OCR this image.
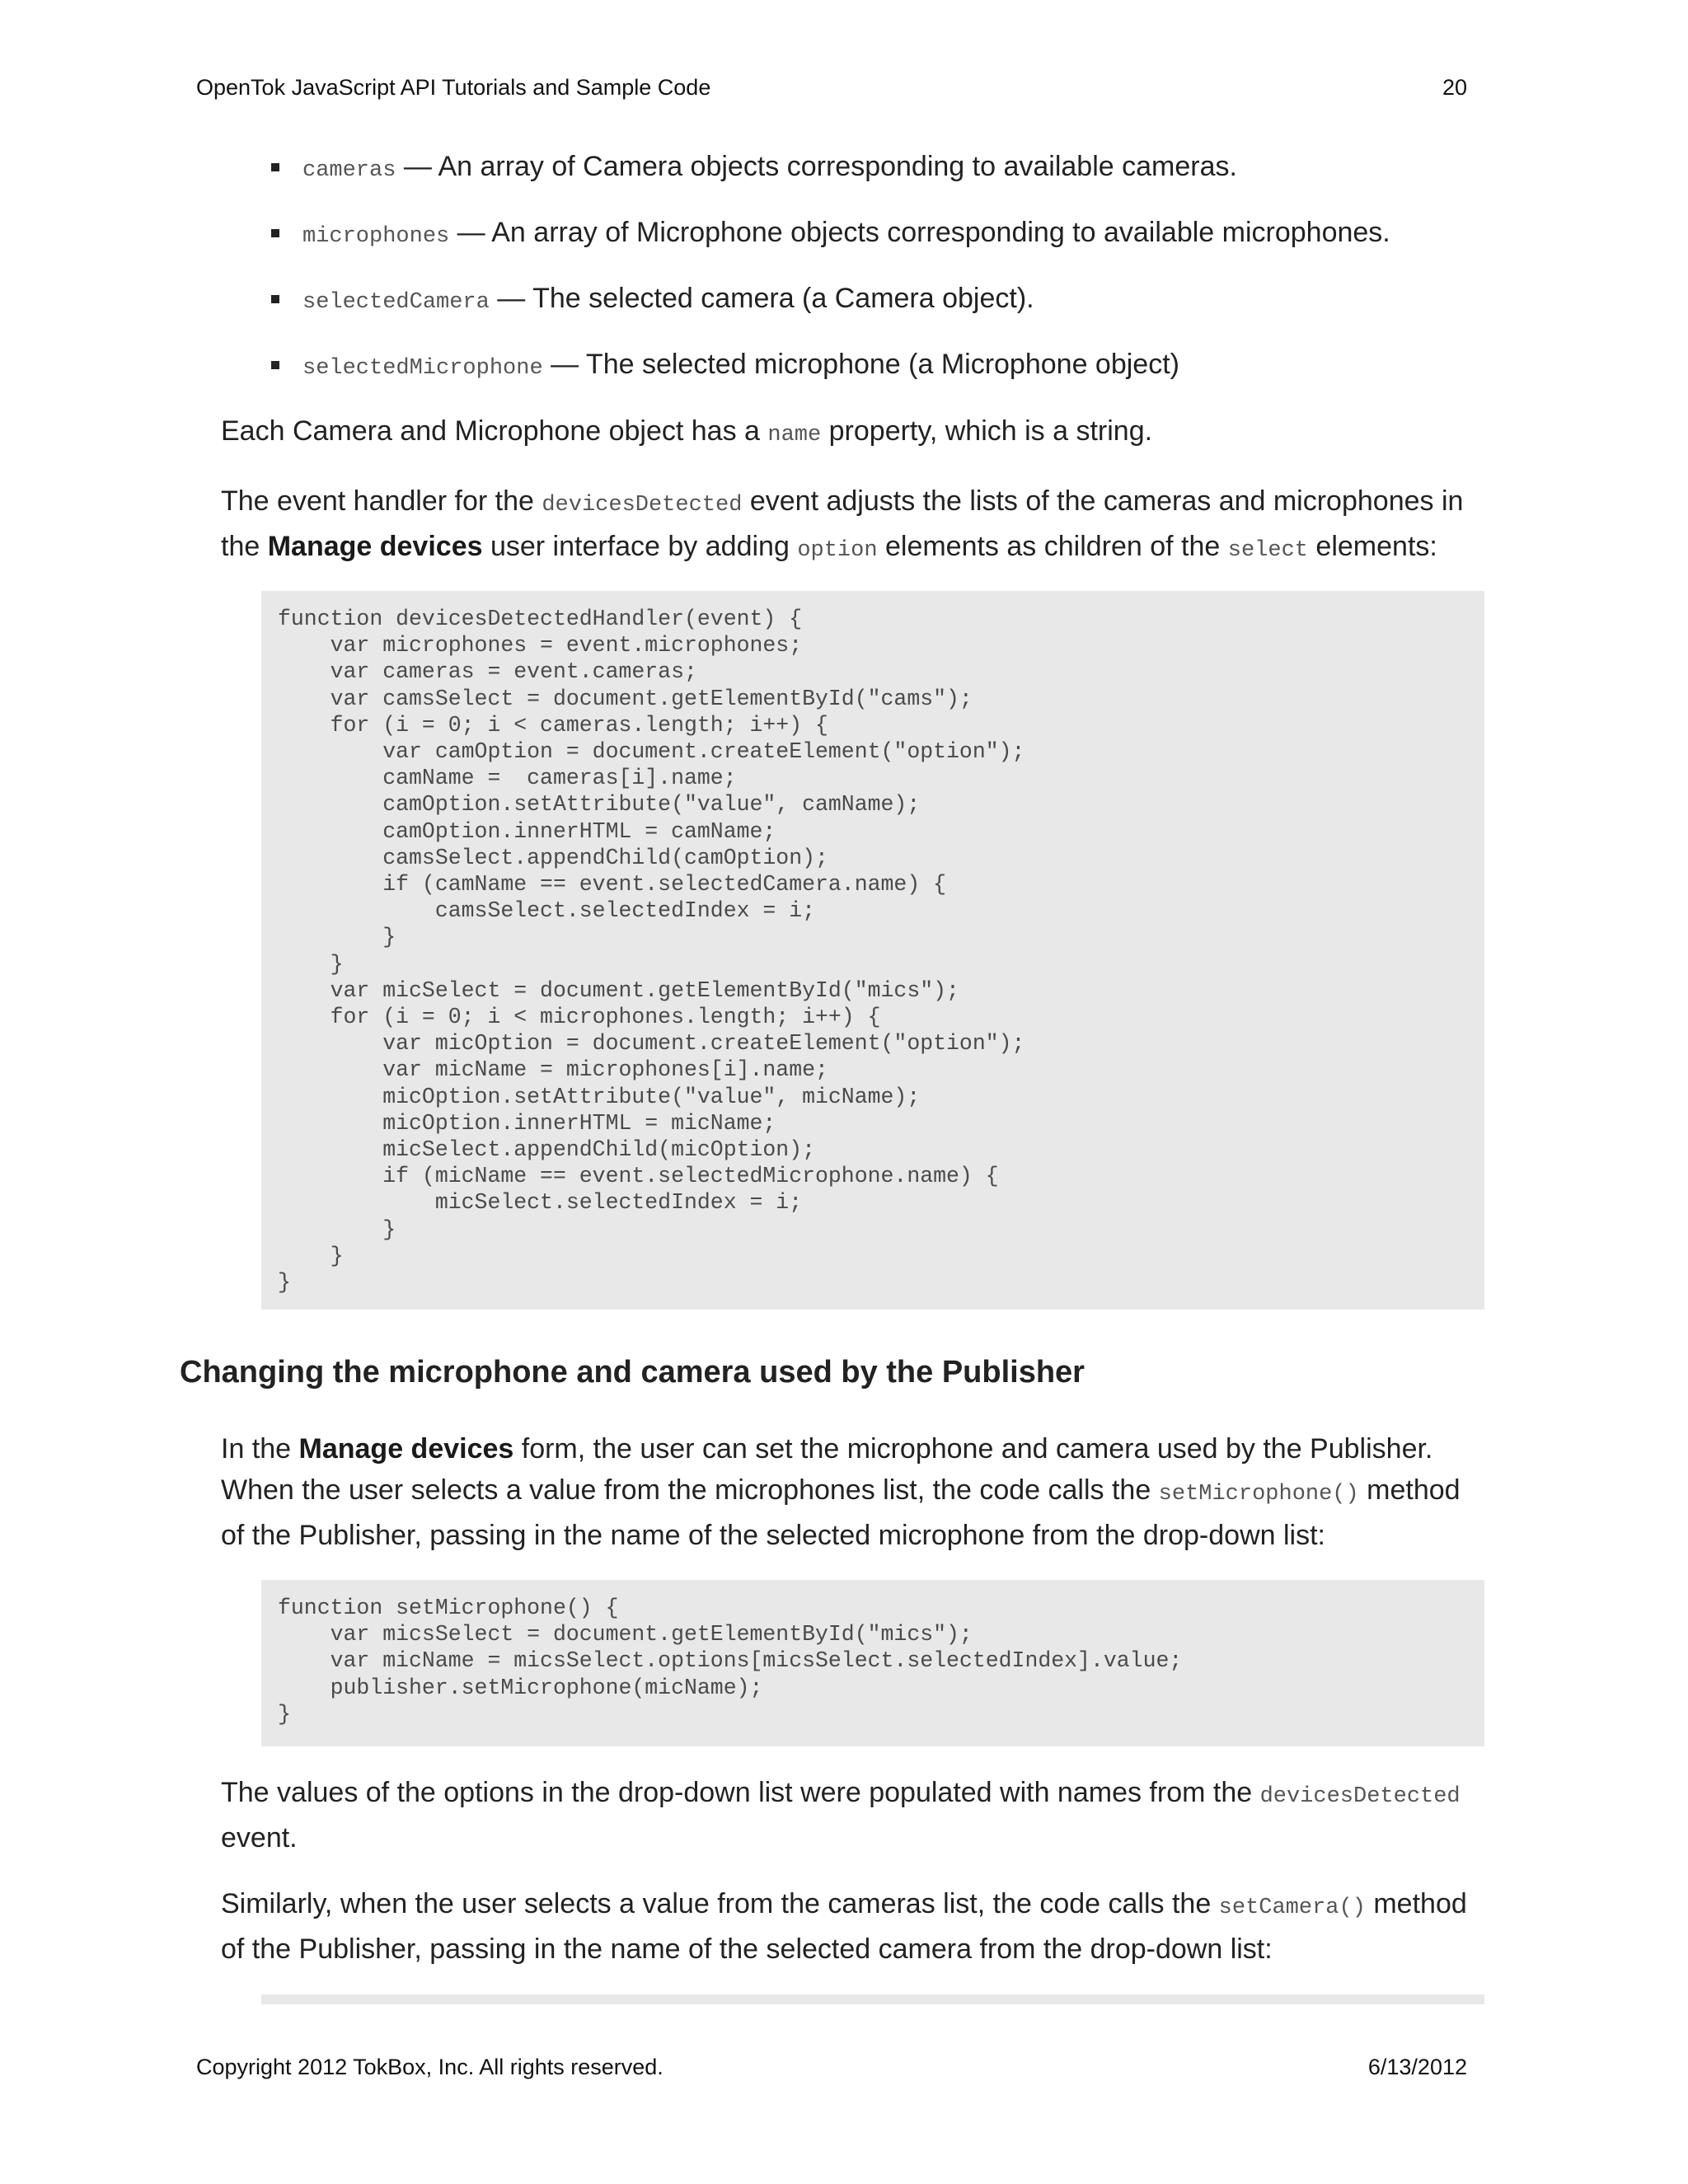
OpenTok JavaScript API Tutorials and Sample Code	20
cameras — An array of Camera objects corresponding to available cameras.
microphones — An array of Microphone objects corresponding to available microphones.
selectedCamera — The selected camera (a Camera object).
selectedMicrophone — The selected microphone (a Microphone object)

Each Camera and Microphone object has a name property, which is a string.

The event handler for the devicesDetected event adjusts the lists of the cameras and microphones in the Manage devices user interface by adding option elements as children of the select elements:

function devicesDetectedHandler(event) {
var microphones = event.microphones;
var cameras = event.cameras;
var camsSelect = document.getElementById("cams");
for (i = 0; i < cameras.length; i++) {
var camOption = document.createElement("option");
camName =  cameras[i].name;
camOption.setAttribute("value", camName);
camOption.innerHTML = camName;
camsSelect.appendChild(camOption);
if (camName == event.selectedCamera.name) {
camsSelect.selectedIndex = i;
}
}
var micSelect = document.getElementById("mics");
for (i = 0; i < microphones.length; i++) {
var micOption = document.createElement("option");
var micName = microphones[i].name;
micOption.setAttribute("value", micName);
micOption.innerHTML = micName;
micSelect.appendChild(micOption);
if (micName == event.selectedMicrophone.name) {
micSelect.selectedIndex = i;
}
}
}
Changing the microphone and camera used by the Publisher

In the Manage devices form, the user can set the microphone and camera used by the Publisher. When the user selects a value from the microphones list, the code calls the setMicrophone() method of the Publisher, passing in the name of the selected microphone from the drop-down list:

function setMicrophone() {
var micsSelect = document.getElementById("mics");
var micName = micsSelect.options[micsSelect.selectedIndex].value;
publisher.setMicrophone(micName);
}

The values of the options in the drop-down list were populated with names from the devicesDetected event.

Similarly, when the user selects a value from the cameras list, the code calls the setCamera() method of the Publisher, passing in the name of the selected camera from the drop-down list:

Copyright 2012 TokBox, Inc. All rights reserved.	6/13/2012
